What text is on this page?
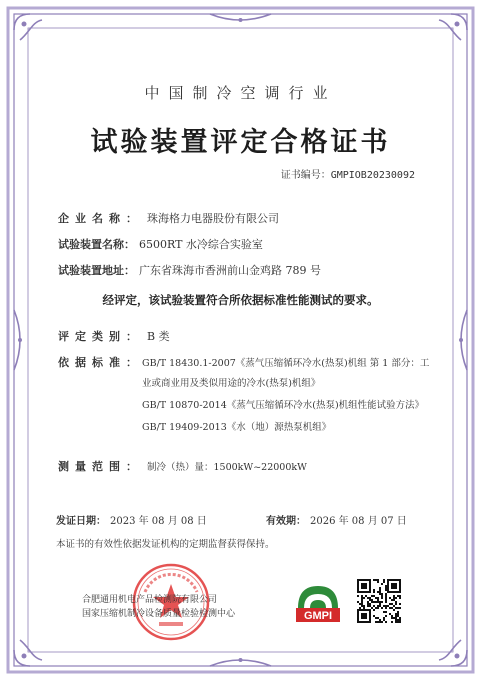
中国制冷空调行业
试验装置评定合格证书
证书编号：GMPIOB20230092
企业名称： 珠海格力电器股份有限公司
试验装置名称： 6500RT 水冷综合实验室
试验装置地址： 广东省珠海市香洲前山金鸡路 789 号
经评定，该试验装置符合所依据标准性能测试的要求。
评定类别： B 类
依据标准： GB/T 18430.1-2007《蒸气压缩循环冷水(热泵)机组 第 1 部分：工
业或商业用及类似用途的冷水(热泵)机组》
GB/T 10870-2014《蒸气压缩循环冷水(热泵)机组性能试验方法》
GB/T 19409-2013《水（地）源热泵机组》
测量范围： 制冷（热）量：1500kW~22000kW
发证日期： 2023 年 08 月 08 日	有效期： 2026 年 08 月 07 日
本证书的有效性依据发证机构的定期监督获得保持。
合肥通用机电产品检测院有限公司
国家压缩机制冷设备质量检验检测中心	GMPI
